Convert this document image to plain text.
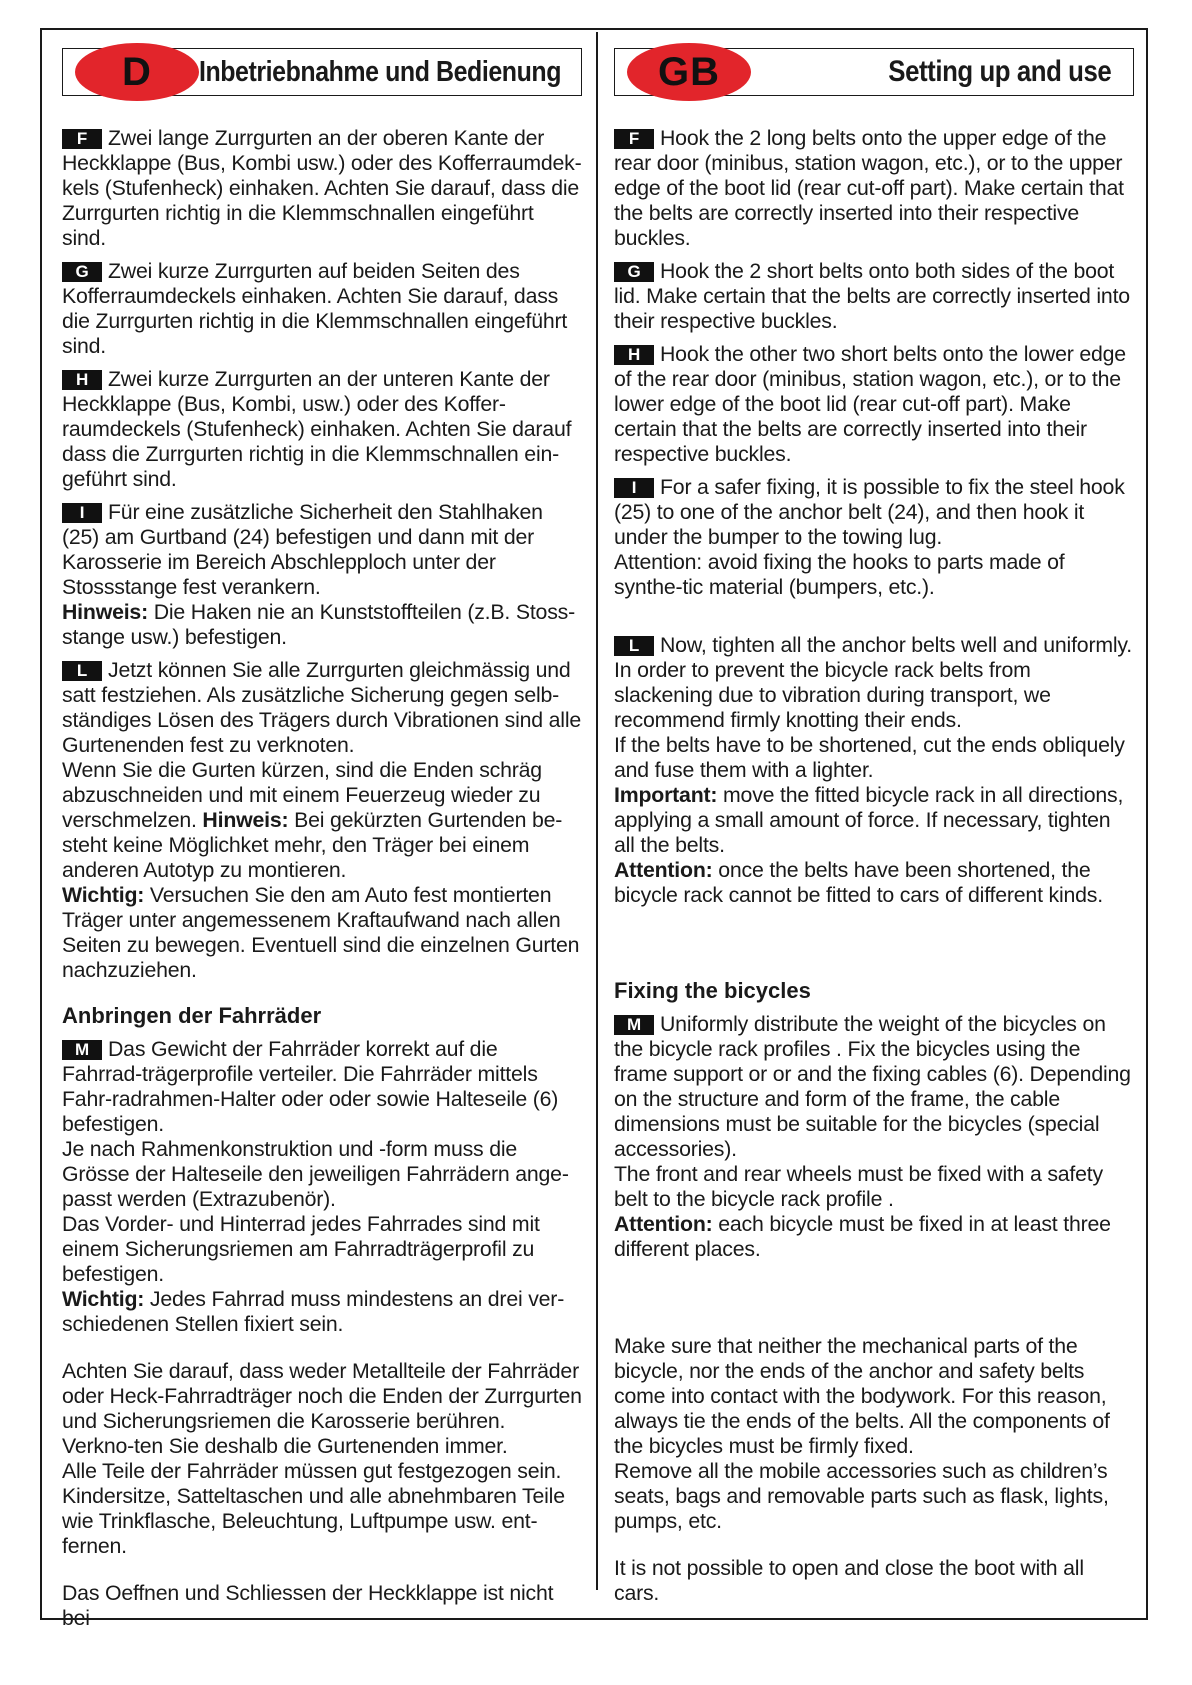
D	Inbetriebnahme und Bedienung

F Zwei lange Zurrgurten an der oberen Kante der Heckklappe (Bus, Kombi usw.) oder des Kofferraumdek-kels (Stufenheck) einhaken. Achten Sie darauf, dass die Zurrgurten richtig in die Klemmschnallen eingeführt sind.

G Zwei kurze Zurrgurten auf beiden Seiten des Kofferraumdeckels einhaken. Achten Sie darauf, dass die Zurrgurten richtig in die Klemmschnallen eingeführt sind.

H Zwei kurze Zurrgurten an der unteren Kante der Heckklappe (Bus, Kombi, usw.) oder des Koffer-raumdeckels (Stufenheck) einhaken. Achten Sie darauf dass die Zurrgurten richtig in die Klemmschnallen ein-geführt sind.

I Für eine zusätzliche Sicherheit den Stahlhaken (25) am Gurtband (24) befestigen und dann mit der Karosserie im Bereich Abschlepploch unter der Stossstange fest verankern.

Hinweis: Die Haken nie an Kunststoffteilen (z.B. Stoss-stange usw.) befestigen.

L Jetzt können Sie alle Zurrgurten gleichmässig und satt festziehen. Als zusätzliche Sicherung gegen selb-ständiges Lösen des Trägers durch Vibrationen sind alle Gurtenenden fest zu verknoten.

Wenn Sie die Gurten kürzen, sind die Enden schräg abzuschneiden und mit einem Feuerzeug wieder zu verschmelzen. Hinweis: Bei gekürzten Gurtenden be-steht keine Möglichket mehr, den Träger bei einem anderen Autotyp zu montieren.

Wichtig: Versuchen Sie den am Auto fest montierten Träger unter angemessenem Kraftaufwand nach allen Seiten zu bewegen. Eventuell sind die einzelnen Gurten nachzuziehen.

Anbringen der Fahrräder

M Das Gewicht der Fahrräder korrekt auf die Fahrrad-trägerprofile verteiler. Die Fahrräder mittels Fahr-radrahmen-Halter oder oder sowie Halteseile (6) befestigen.

Je nach Rahmenkonstruktion und -form muss die Grösse der Halteseile den jeweiligen Fahrrädern ange-passt werden (Extrazubenör).

Das Vorder- und Hinterrad jedes Fahrrades sind mit einem Sicherungsriemen am Fahrradträgerprofil zu befestigen.

Wichtig: Jedes Fahrrad muss mindestens an drei ver-schiedenen Stellen fixiert sein.

Achten Sie darauf, dass weder Metallteile der Fahrräder oder Heck-Fahrradträger noch die Enden der Zurrgurten und Sicherungsriemen die Karosserie berühren. Verkno-ten Sie deshalb die Gurtenenden immer.

Alle Teile der Fahrräder müssen gut festgezogen sein.

Kindersitze, Satteltaschen und alle abnehmbaren Teile wie Trinkflasche, Beleuchtung, Luftpumpe usw. ent-fernen.

Das Oeffnen und Schliessen der Heckklappe ist nicht bei

GB	Setting up and use

F Hook the 2 long belts onto the upper edge of the rear door (minibus, station wagon, etc.), or to the upper edge of the boot lid (rear cut-off part). Make certain that the belts are correctly inserted into their respective buckles.

G Hook the 2 short belts onto both sides of the boot lid. Make certain that the belts are correctly inserted into their respective buckles.

H Hook the other two short belts onto the lower edge of the rear door (minibus, station wagon, etc.), or to the lower edge of the boot lid (rear cut-off part). Make certain that the belts are correctly inserted into their respective buckles.

I For a safer fixing, it is possible to fix the steel hook (25) to one of the anchor belt (24), and then hook it under the bumper to the towing lug.

Attention: avoid fixing the hooks to parts made of synthe-tic material (bumpers, etc.).

L Now, tighten all the anchor belts well and uniformly. In order to prevent the bicycle rack belts from slackening due to vibration during transport, we recommend firmly knotting their ends.

If the belts have to be shortened, cut the ends obliquely and fuse them with a lighter.

Important: move the fitted bicycle rack in all directions, applying a small amount of force. If necessary, tighten all the belts.

Attention: once the belts have been shortened, the bicycle rack cannot be fitted to cars of different kinds.

Fixing the bicycles

M Uniformly distribute the weight of the bicycles on the bicycle rack profiles . Fix the bicycles using the frame support or or and the fixing cables (6). Depending on the structure and form of the frame, the cable dimensions must be suitable for the bicycles (special accessories).

The front and rear wheels must be fixed with a safety belt to the bicycle rack profile .

Attention: each bicycle must be fixed in at least three different places.

Make sure that neither the mechanical parts of the bicycle, nor the ends of the anchor and safety belts come into contact with the bodywork. For this reason, always tie the ends of the belts. All the components of the bicycles must be firmly fixed.

Remove all the mobile accessories such as children’s seats, bags and removable parts such as flask, lights, pumps, etc.

It is not possible to open and close the boot with all cars.
